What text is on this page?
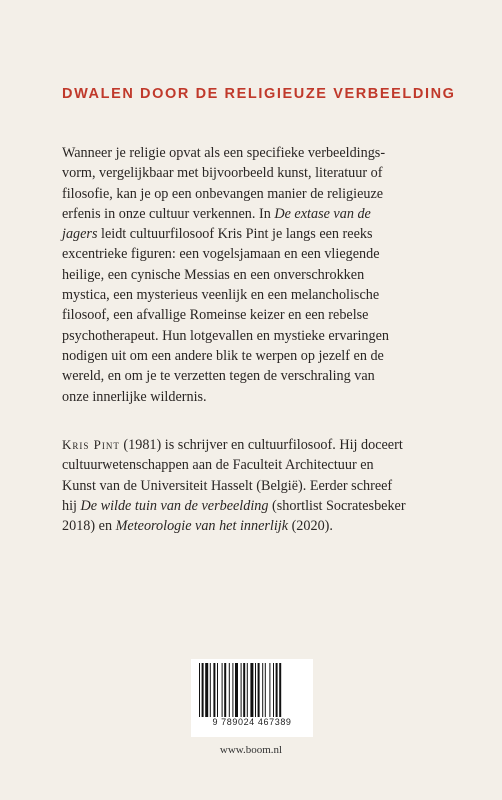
DWALEN DOOR DE RELIGIEUZE VERBEELDING

Wanneer je religie opvat als een specifieke verbeeldings-
vorm, vergelijkbaar met bijvoorbeeld kunst, literatuur of
filosofie, kan je op een onbevangen manier de religieuze
erfenis in onze cultuur verkennen. In De extase van de
jagers leidt cultuurfilosoof Kris Pint je langs een reeks
excentrieke figuren: een vogelsjamaan en een vliegende
heilige, een cynische Messias en een onverschrokken
mystica, een mysterieus veenlijk en een melancholische
filosoof, een afvallige Romeinse keizer en een rebelse
psychotherapeut. Hun lotgevallen en mystieke ervaringen
nodigen uit om een andere blik te werpen op jezelf en de
wereld, en om je te verzetten tegen de verschraling van
onze innerlijke wildernis.

Kris Pint (1981) is schrijver en cultuurfilosoof. Hij doceert
cultuurwetenschappen aan de Faculteit Architectuur en
Kunst van de Universiteit Hasselt (België). Eerder schreef
hij De wilde tuin van de verbeelding (shortlist Socratesbeker
2018) en Meteorologie van het innerlijk (2020).

9 789024 467389
www.boom.nl
